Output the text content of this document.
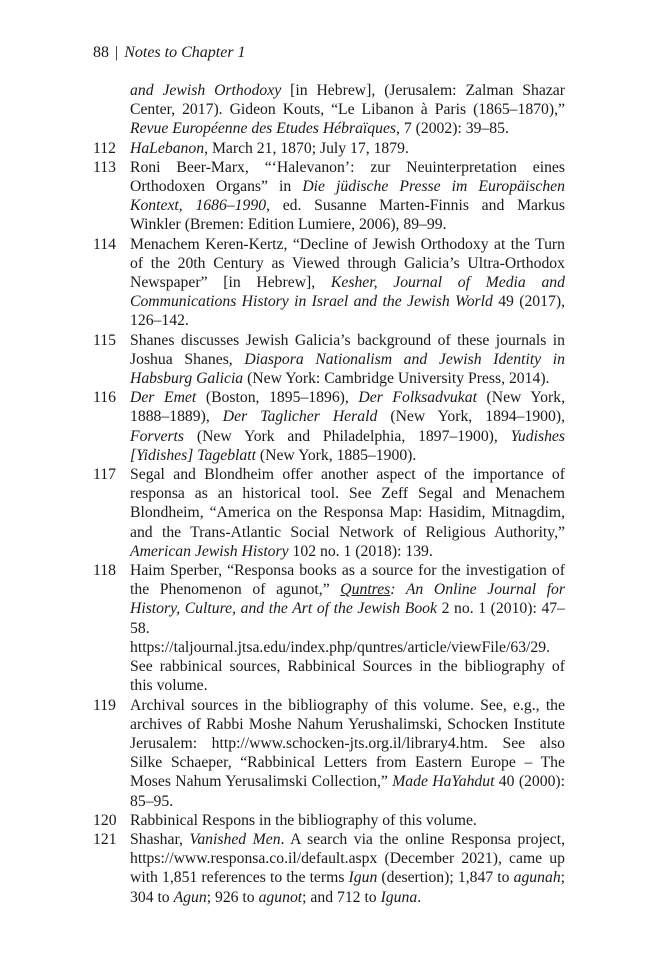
88 | Notes to Chapter 1
and Jewish Orthodoxy [in Hebrew], (Jerusalem: Zalman Shazar Center, 2017). Gideon Kouts, “Le Libanon à Paris (1865–1870),” Revue Européenne des Etudes Hébraïques, 7 (2002): 39–85.
112 HaLebanon, March 21, 1870; July 17, 1879.
113 Roni Beer-Marx, “‘Halevanon’: zur Neuinterpretation eines Orthodoxen Organs” in Die jüdische Presse im Europäischen Kontext, 1686–1990, ed. Susanne Marten-Finnis and Markus Winkler (Bremen: Edition Lumiere, 2006), 89–99.
114 Menachem Keren-Kertz, “Decline of Jewish Orthodoxy at the Turn of the 20th Century as Viewed through Galicia’s Ultra-Orthodox Newspaper” [in Hebrew], Kesher, Journal of Media and Communications History in Israel and the Jewish World 49 (2017), 126–142.
115 Shanes discusses Jewish Galicia’s background of these journals in Joshua Shanes, Diaspora Nationalism and Jewish Identity in Habsburg Galicia (New York: Cambridge University Press, 2014).
116 Der Emet (Boston, 1895–1896), Der Folksadvukat (New York, 1888–1889), Der Taglicher Herald (New York, 1894–1900), Forverts (New York and Philadelphia, 1897–1900), Yudishes [Yidishes] Tageblatt (New York, 1885–1900).
117 Segal and Blondheim offer another aspect of the importance of responsa as an historical tool. See Zeff Segal and Menachem Blondheim, “America on the Responsa Map: Hasidim, Mitnagdim, and the Trans-Atlantic Social Network of Religious Authority,” American Jewish History 102 no. 1 (2018): 139.
118 Haim Sperber, “Responsa books as a source for the investigation of the Phenomenon of agunot,” Quntres: An Online Journal for History, Culture, and the Art of the Jewish Book 2 no. 1 (2010): 47–58. https://taljournal.jtsa.edu/index.php/quntres/article/viewFile/63/29. See rabbinical sources, Rabbinical Sources in the bibliography of this volume.
119 Archival sources in the bibliography of this volume. See, e.g., the archives of Rabbi Moshe Nahum Yerushalimski, Schocken Institute Jerusalem: http://www.schocken-jts.org.il/library4.htm. See also Silke Schaeper, “Rabbinical Letters from Eastern Europe – The Moses Nahum Yerusalimski Collection,” Made HaYahdut 40 (2000): 85–95.
120 Rabbinical Respons in the bibliography of this volume.
121 Shashar, Vanished Men. A search via the online Responsa project, https://www.responsa.co.il/default.aspx (December 2021), came up with 1,851 references to the terms Igun (desertion); 1,847 to agunah; 304 to Agun; 926 to agunot; and 712 to Iguna.
